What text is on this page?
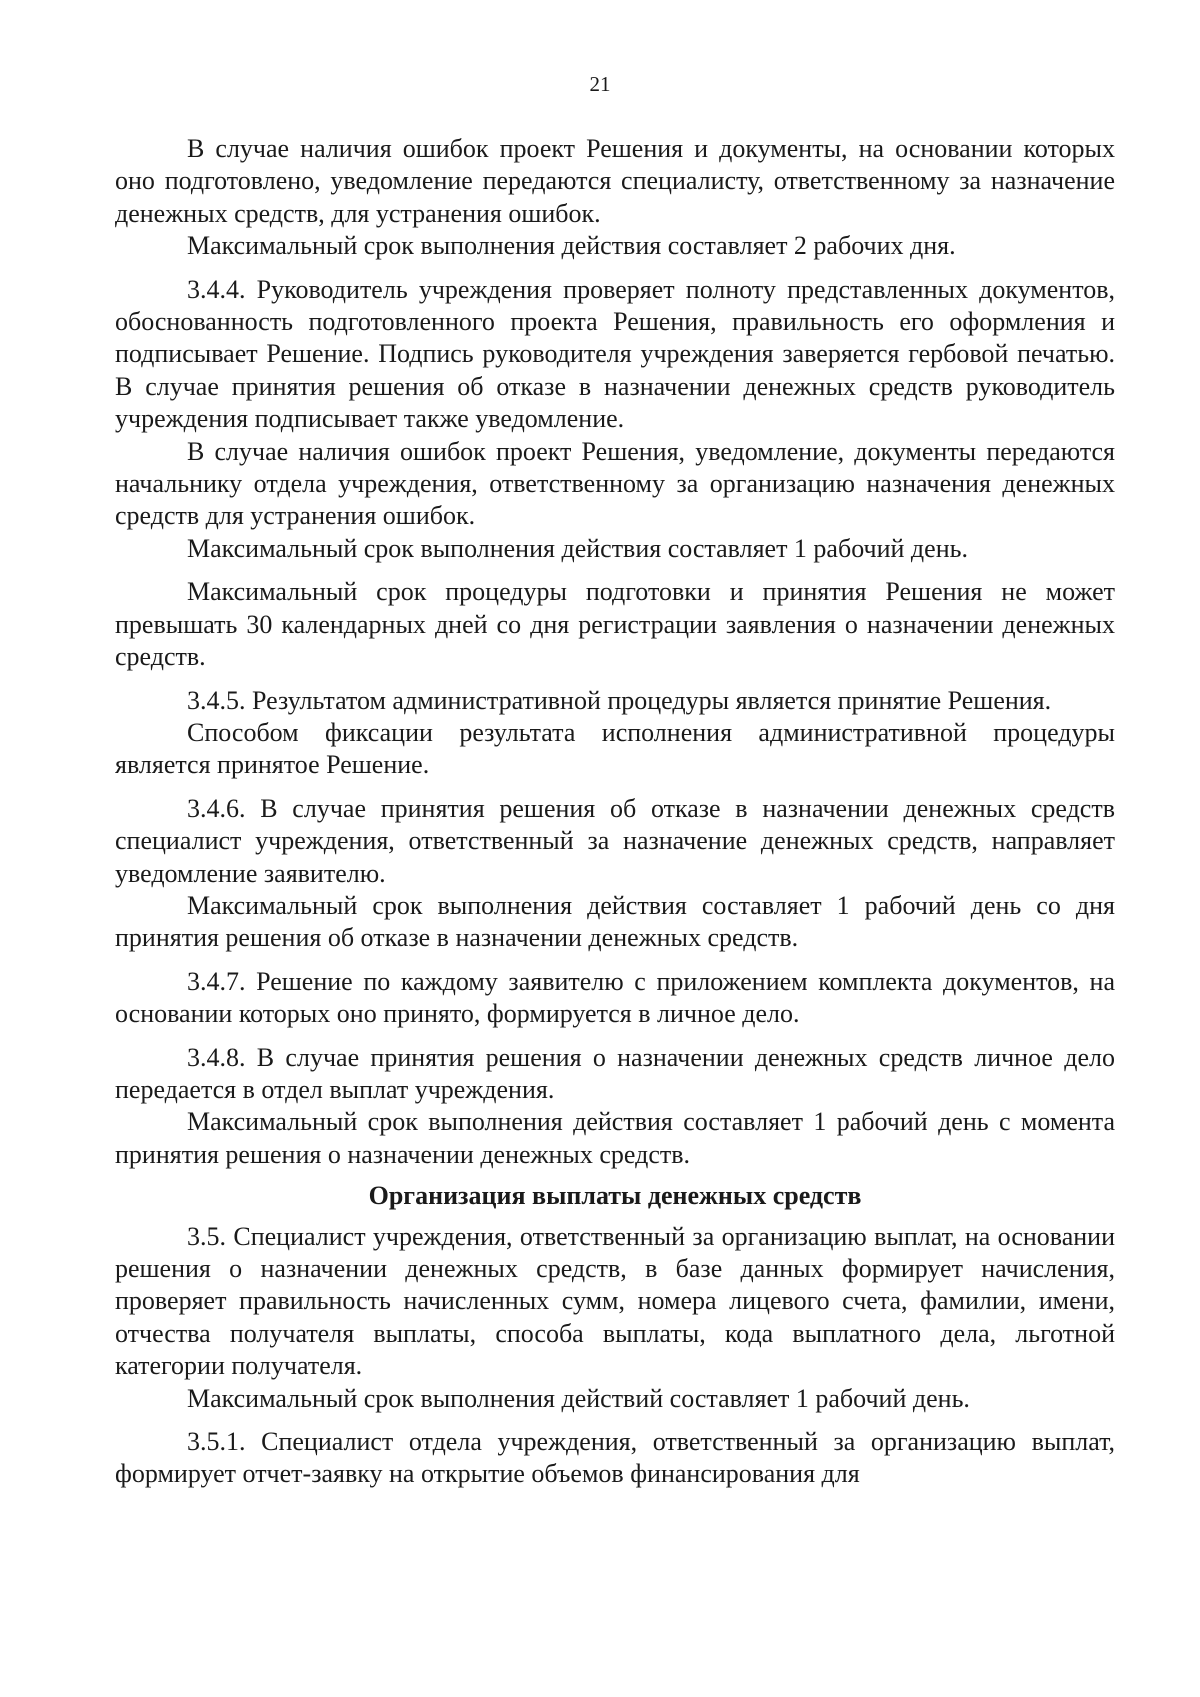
21

В случае наличия ошибок проект Решения и документы, на основании которых оно подготовлено, уведомление передаются специалисту, ответственному за назначение денежных средств, для устранения ошибок.

Максимальный срок выполнения действия составляет 2 рабочих дня.

3.4.4. Руководитель учреждения проверяет полноту представленных документов, обоснованность подготовленного проекта Решения, правильность его оформления и подписывает Решение. Подпись руководителя учреждения заверяется гербовой печатью. В случае принятия решения об отказе в назначении денежных средств руководитель учреждения подписывает также уведомление.

В случае наличия ошибок проект Решения, уведомление, документы передаются начальнику отдела учреждения, ответственному за организацию назначения денежных средств для устранения ошибок.

Максимальный срок выполнения действия составляет 1 рабочий день.

Максимальный срок процедуры подготовки и принятия Решения не может превышать 30 календарных дней со дня регистрации заявления о назначении денежных средств.

3.4.5. Результатом административной процедуры является принятие Решения.

Способом фиксации результата исполнения административной процедуры является принятое Решение.

3.4.6. В случае принятия решения об отказе в назначении денежных средств специалист учреждения, ответственный за назначение денежных средств, направляет уведомление заявителю.

Максимальный срок выполнения действия составляет 1 рабочий день со дня принятия решения об отказе в назначении денежных средств.

3.4.7. Решение по каждому заявителю с приложением комплекта документов, на основании которых оно принято, формируется в личное дело.

3.4.8. В случае принятия решения о назначении денежных средств личное дело передается в отдел выплат учреждения.

Максимальный срок выполнения действия составляет 1 рабочий день с момента принятия решения о назначении денежных средств.

Организация выплаты денежных средств

3.5. Специалист учреждения, ответственный за организацию выплат, на основании решения о назначении денежных средств, в базе данных формирует начисления, проверяет правильность начисленных сумм, номера лицевого счета, фамилии, имени, отчества получателя выплаты, способа выплаты, кода выплатного дела, льготной категории получателя.

Максимальный срок выполнения действий составляет 1 рабочий день.

3.5.1. Специалист отдела учреждения, ответственный за организацию выплат, формирует отчет-заявку на открытие объемов финансирования для
